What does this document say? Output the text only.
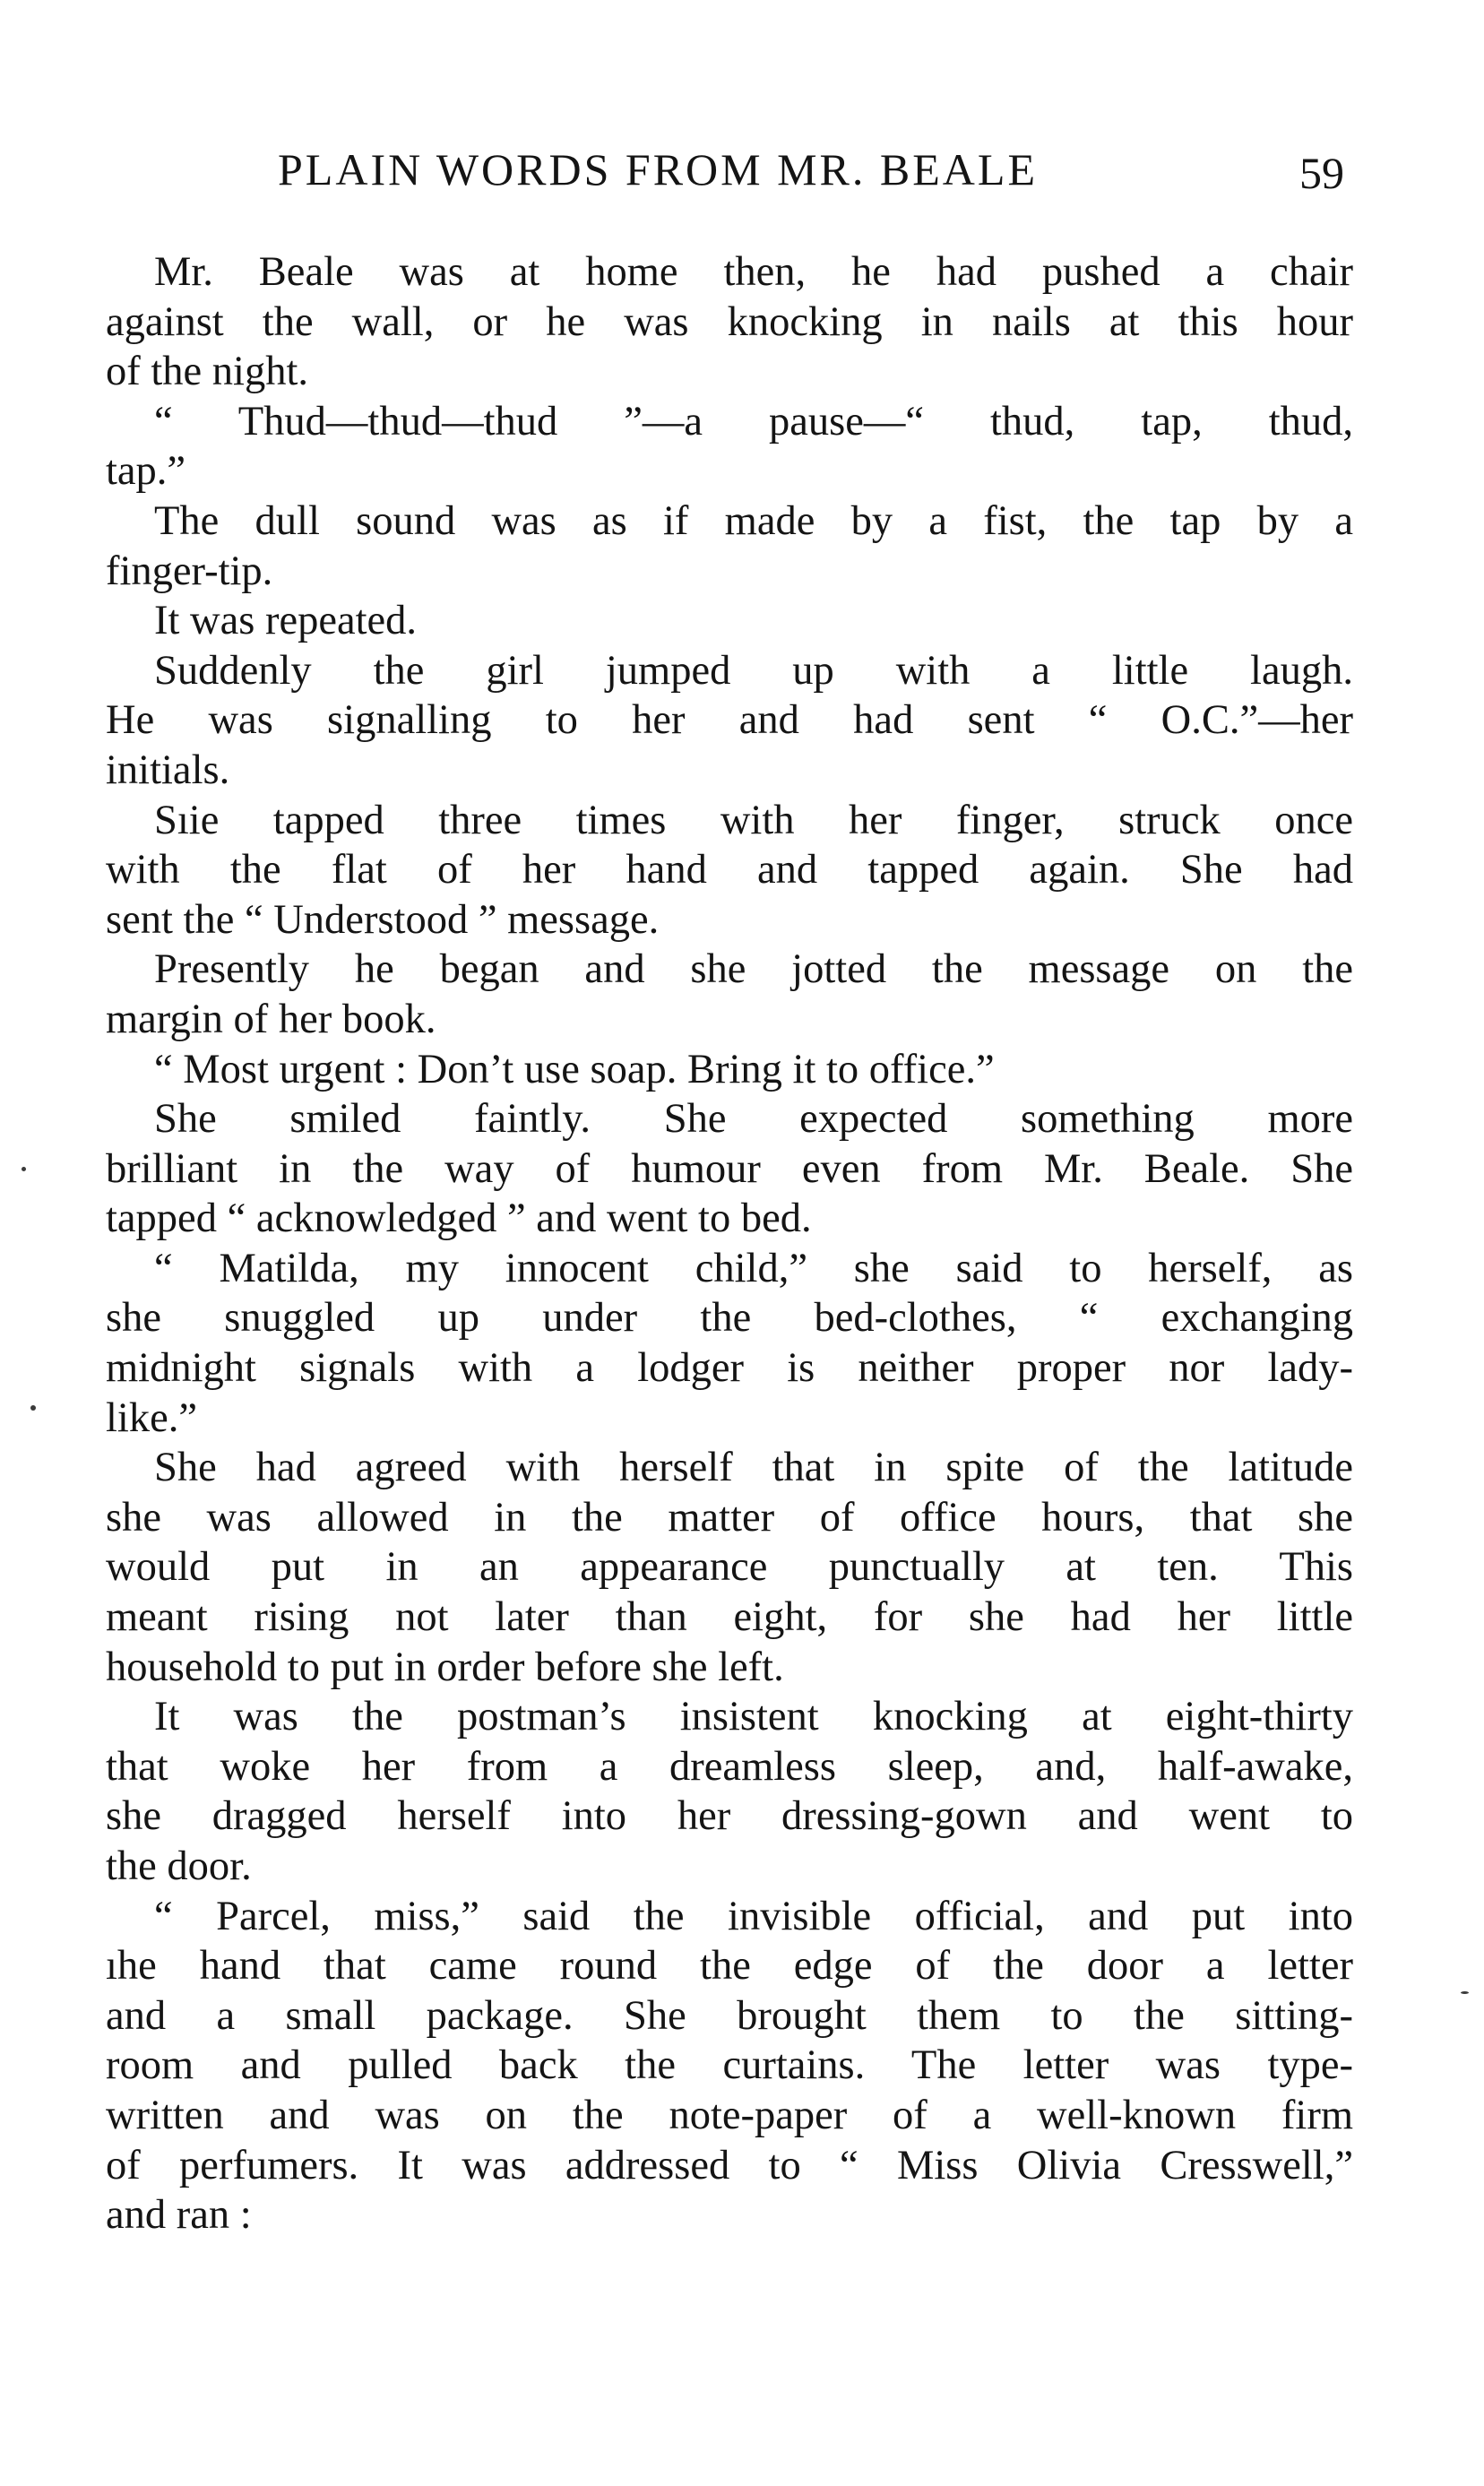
PLAIN WORDS FROM MR. BEALE	59
Mr. Beale was at home then, he had pushed a chair
against the wall, or he was knocking in nails at this hour
of the night.
“ Thud—thud—thud ”—a pause—“ thud, tap, thud,
tap.”
The dull sound was as if made by a fist, the tap by a
finger-tip.
It was repeated.
Suddenly the girl jumped up with a little laugh.
He was signalling to her and had sent “ O.C.”—her
initials.
Sıie tapped three times with her finger, struck once
with the flat of her hand and tapped again. She had
sent the “ Understood ” message.
Presently he began and she jotted the message on the
margin of her book.
“ Most urgent : Don’t use soap. Bring it to office.”
She smiled faintly. She expected something more
brilliant in the way of humour even from Mr. Beale. She
tapped “ acknowledged ” and went to bed.
“ Matilda, my innocent child,” she said to herself, as
she snuggled up under the bed-clothes, “ exchanging
midnight signals with a lodger is neither proper nor lady-
like.”
She had agreed with herself that in spite of the latitude
she was allowed in the matter of office hours, that she
would put in an appearance punctually at ten. This
meant rising not later than eight, for she had her little
household to put in order before she left.
It was the postman’s insistent knocking at eight-thirty
that woke her from a dreamless sleep, and, half-awake,
she dragged herself into her dressing-gown and went to
the door.
“ Parcel, miss,” said the invisible official, and put into
ıhe hand that came round the edge of the door a letter
and a small package. She brought them to the sitting-
room and pulled back the curtains. The letter was type-
written and was on the note-paper of a well-known firm
of perfumers. It was addressed to “ Miss Olivia Cresswell,”
and ran :
